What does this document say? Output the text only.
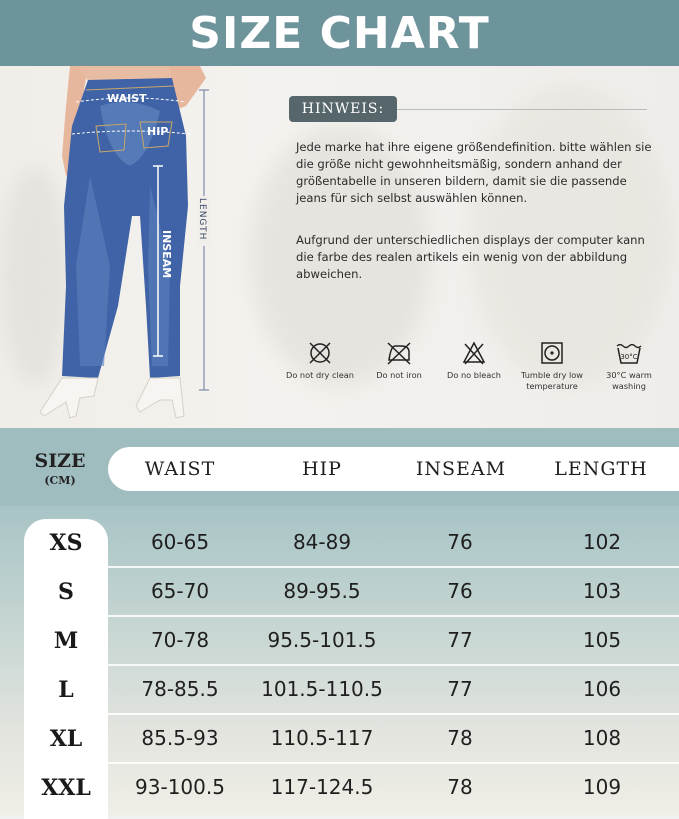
SIZE CHART
WAIST
HIP
INSEAM
LENGTH
HINWEIS:
Jede marke hat ihre eigene größendefinition. bitte wählen sie die größe nicht gewohnheitsmäßig, sondern anhand der größentabelle in unseren bildern, damit sie die passende jeans für sich selbst auswählen können.
Aufgrund der unterschiedlichen displays der computer kann die farbe des realen artikels ein wenig von der abbildung abweichen.
Do not dry clean	Do not iron	Do no bleach	Tumble dry low temperature
30°C
30°C warm washing
SIZE
(CM)
WAIST	HIP	INSEAM	LENGTH
XS	60-65	84-89	76	102
S	65-70	89-95.5	76	103
M	70-78	95.5-101.5	77	105
L	78-85.5	101.5-110.5	77	106
XL	85.5-93	110.5-117	78	108
XXL	93-100.5	117-124.5	78	109
